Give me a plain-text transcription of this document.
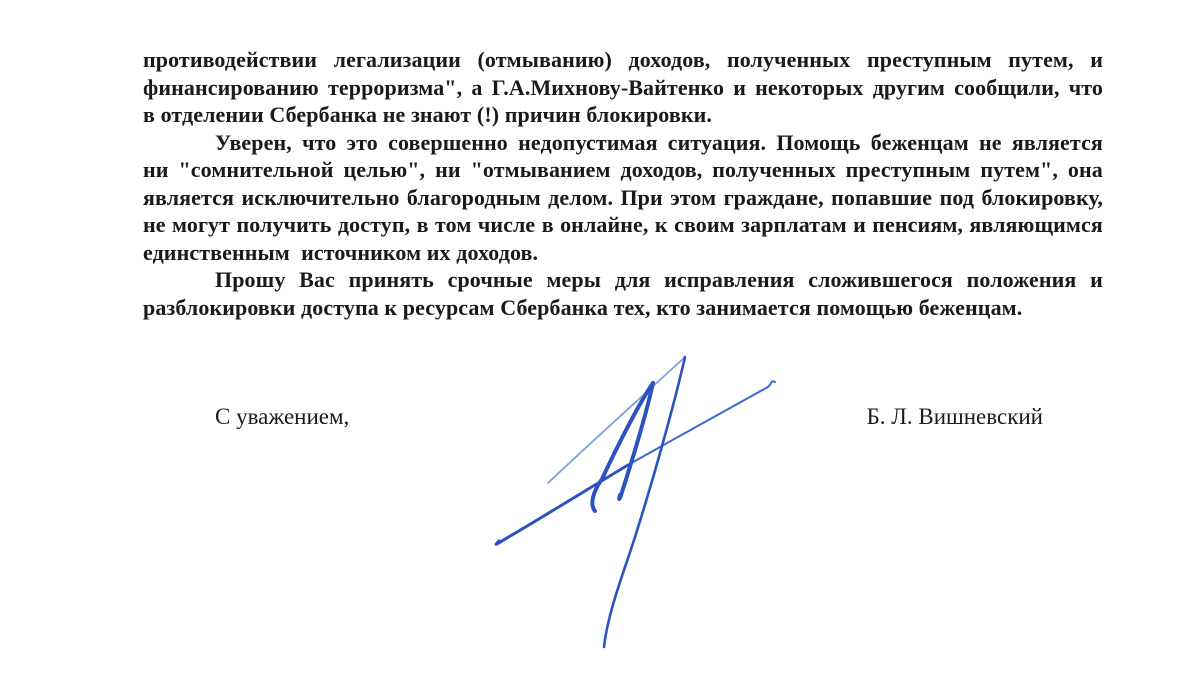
противодействии легализации (отмыванию) доходов, полученных преступным путем, и
финансированию терроризма", а Г.А.Михнову-Вайтенко и некоторых другим сообщили, что
в отделении Сбербанка не знают (!) причин блокировки.
Уверен, что это совершенно недопустимая ситуация. Помощь беженцам не является
ни "сомнительной целью", ни "отмыванием доходов, полученных преступным путем", она
является исключительно благородным делом. При этом граждане, попавшие под блокировку,
не могут получить доступ, в том числе в онлайне, к своим зарплатам и пенсиям, являющимся
единственным  источником их доходов.
Прошу Вас принять срочные меры для исправления сложившегося положения и
разблокировки доступа к ресурсам Сбербанка тех, кто занимается помощью беженцам.
С уважением,	Б. Л. Вишневский
